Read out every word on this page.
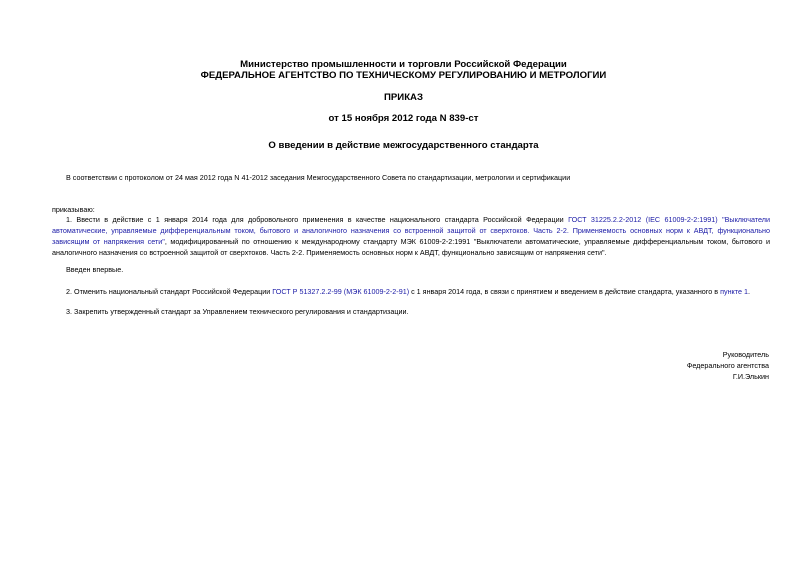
Министерство промышленности и торговли Российской Федерации
ФЕДЕРАЛЬНОЕ АГЕНТСТВО ПО ТЕХНИЧЕСКОМУ РЕГУЛИРОВАНИЮ И МЕТРОЛОГИИ
ПРИКАЗ
от 15 ноября 2012 года N 839-ст
О введении в действие межгосударственного стандарта
В соответствии с протоколом от 24 мая 2012 года N 41-2012 заседания Межгосударственного Совета по стандартизации, метрологии и сертификации
приказываю:
1. Ввести в действие с 1 января 2014 года для добровольного применения в качестве национального стандарта Российской Федерации ГОСТ 31225.2.2-2012 (IEC 61009-2-2:1991) "Выключатели автоматические, управляемые дифференциальным током, бытового и аналогичного назначения со встроенной защитой от сверхтоков. Часть 2-2. Применяемость основных норм к АВДТ, функционально зависящим от напряжения сети", модифицированный по отношению к международному стандарту МЭК 61009-2-2:1991 "Выключатели автоматические, управляемые дифференциальным током, бытового и аналогичного назначения со встроенной защитой от сверхтоков. Часть 2-2. Применяемость основных норм к АВДТ, функционально зависящим от напряжения сети".
Введен впервые.
2. Отменить национальный стандарт Российской Федерации ГОСТ Р 51327.2.2-99 (МЭК 61009-2-2-91) с 1 января 2014 года, в связи с принятием и введением в действие стандарта, указанного в пункте 1.
3. Закрепить утвержденный стандарт за Управлением технического регулирования и стандартизации.
Руководитель
Федерального агентства
Г.И.Элькин
